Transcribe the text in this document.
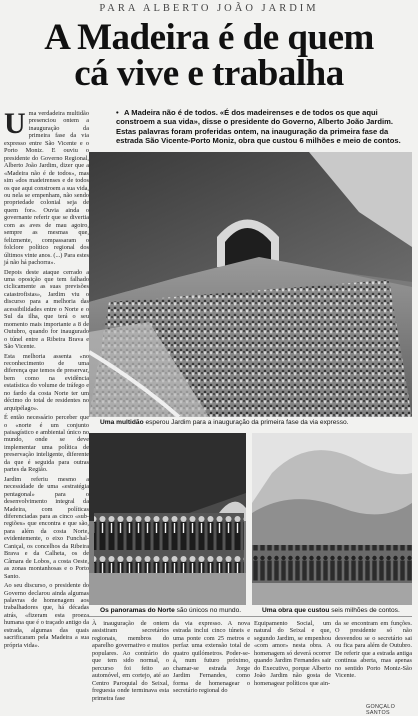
PARA ALBERTO JOÃO JARDIM
A Madeira é de quem
cá vive e trabalha
• A Madeira não é de todos. «É dos madeirenses e de todos os que aqui constroem a sua vida», disse o presidente do Governo, Alberto João Jardim. Estas palavras foram proferidas ontem, na inauguração da primeira fase da estrada São Vicente-Porto Moniz, obra que custou 6 milhões e meio de contos.

Uma verdadeira multidão presenciou ontem a inauguração da primeira fase da via expresso entre São Vicente e o Porto Moniz. E ouviu o presidente do Governo Regional, Alberto João Jardim, dizer que a «Madeira não é de todos», mas sim «dos madeirenses e de todos os que aqui constroem a sua vida, ou nela se empenham, não sendo propriedade colonial seja de quem for». Ouvia ainda o governante referir que se divertia com as aves de mau agoiro, sempre as mesmas que, felizmente, compassaram o folclore político regional dos últimos vinte anos. (...) Para estes já não há pachorra».

Depois deste ataque cerrado a uma oposição que tem falhado ciclicamente as suas previsões catastrofistas», Jardim viu o discurso para a melhoria das acessibilidades entre o Norte e o Sul da ilha, que terá o seu momento mais importante a 8 de Outubro, quando for inaugurado o túnel entre a Ribeira Brava e São Vicente.

Esta melhoria assenta «no reconhecimento de uma diferença que temos de preservar, bem como na evidência estatística do volume de tráfego e no fardo da costa Norte ter um décimo do total de residentes no arquipélago».

É então necessário perceber que o «norte é um conjunto paisagístico e ambiental único no mundo, onde se deve implementar uma política de preservação inteligente, diferente da que é seguida para outras partes da Região.

Jardim referiu mesmo a necessidade de uma «estratégia pentagonal» para o desenvolvimento integral da Madeira, com políticas diferenciadas para as cinco «sub-regiões» que encontra e que são, para além da costa Norte, evidentemente, o eixo Funchal-Caniçal, os concelhos da Ribeira Brava e da Calheta, os de Câmara de Lobos, a costa Oeste, as zonas montanhosas e o Porto Santo.

Ao seu discurso, o presidente do Governo declarou ainda algumas palavras de homenagem aos trabalhadores que, há décadas atrás, «fizeram esta proeza humana que é o traçado antigo da estrada, algumas das quais sacrificaram pela Madeira a sua própria vida».

Uma multidão esperou Jardim para a inauguração da primeira fase da via expresso.
Os panoramas do Norte são únicos no mundo.	Uma obra que custou seis milhões de contos.
À inauguração de ontem assistiram secretários regionais, membros do aparelho governativo e muitos populares. Ao contrário do que tem sido normal, o percurso foi feito ao automóvel, em cortejo, até ao Centro Paroquial do Seixal, freguesia onde terminava esta primeira fase
da via expresso. A nova estrada inclui cinco túneis e uma ponte com 25 metros e perfaz uma extensão total de quatro quilómetros. Poder-se-á, num futuro próximo, chamar-se estrada Jorge Jardim Fernandes, como forma de homenagear o secretário regional do
Equipamento Social, um natural do Seixal e que, segundo Jardim, se empenhou «com amor» nesta obra. A homenagem só deverá ocorrer quando Jardim Fernandes sair do Executivo, porque Alberto João Jardim não gosta de homenagear políticos que ain-
da se encontram em funções. O presidente só não desvendou se o secretário sai ou fica para além de Outubro. De referir que a estrada antiga continua aberta, mas apenas no sentido Porto Moniz-São Vicente.
GONÇALO SANTOS
